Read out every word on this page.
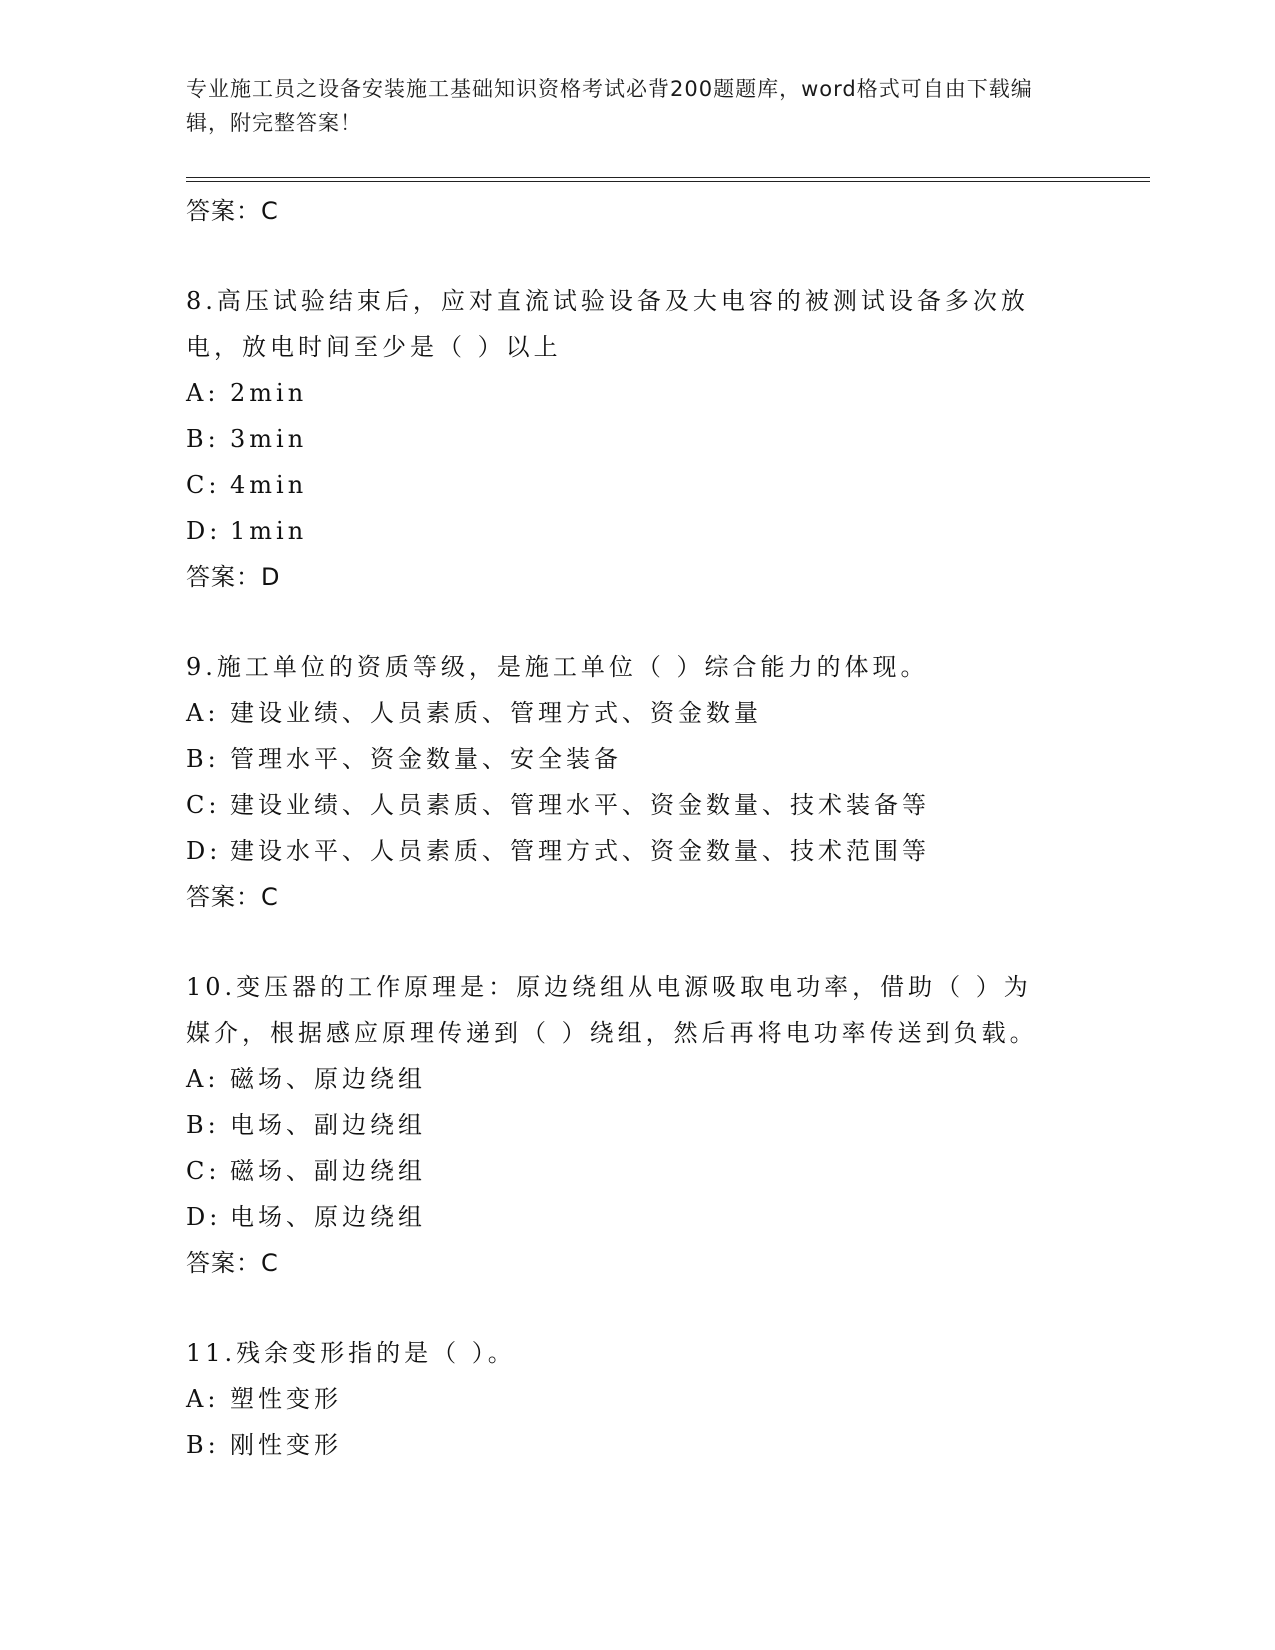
专业施工员之设备安装施工基础知识资格考试必背200题题库，word格式可自由下载编辑，附完整答案！
答案：C
8.高压试验结束后，应对直流试验设备及大电容的被测试设备多次放
电，放电时间至少是（ ）以上
A: 2min
B: 3min
C: 4min
D: 1min
答案：D
9.施工单位的资质等级，是施工单位（ ）综合能力的体现。
A: 建设业绩、人员素质、管理方式、资金数量
B: 管理水平、资金数量、安全装备
C: 建设业绩、人员素质、管理水平、资金数量、技术装备等
D: 建设水平、人员素质、管理方式、资金数量、技术范围等
答案：C
10.变压器的工作原理是：原边绕组从电源吸取电功率，借助（ ）为
媒介，根据感应原理传递到（ ）绕组，然后再将电功率传送到负载。
A: 磁场、原边绕组
B: 电场、副边绕组
C: 磁场、副边绕组
D: 电场、原边绕组
答案：C
11.残余变形指的是（ ）。
A: 塑性变形
B: 刚性变形
